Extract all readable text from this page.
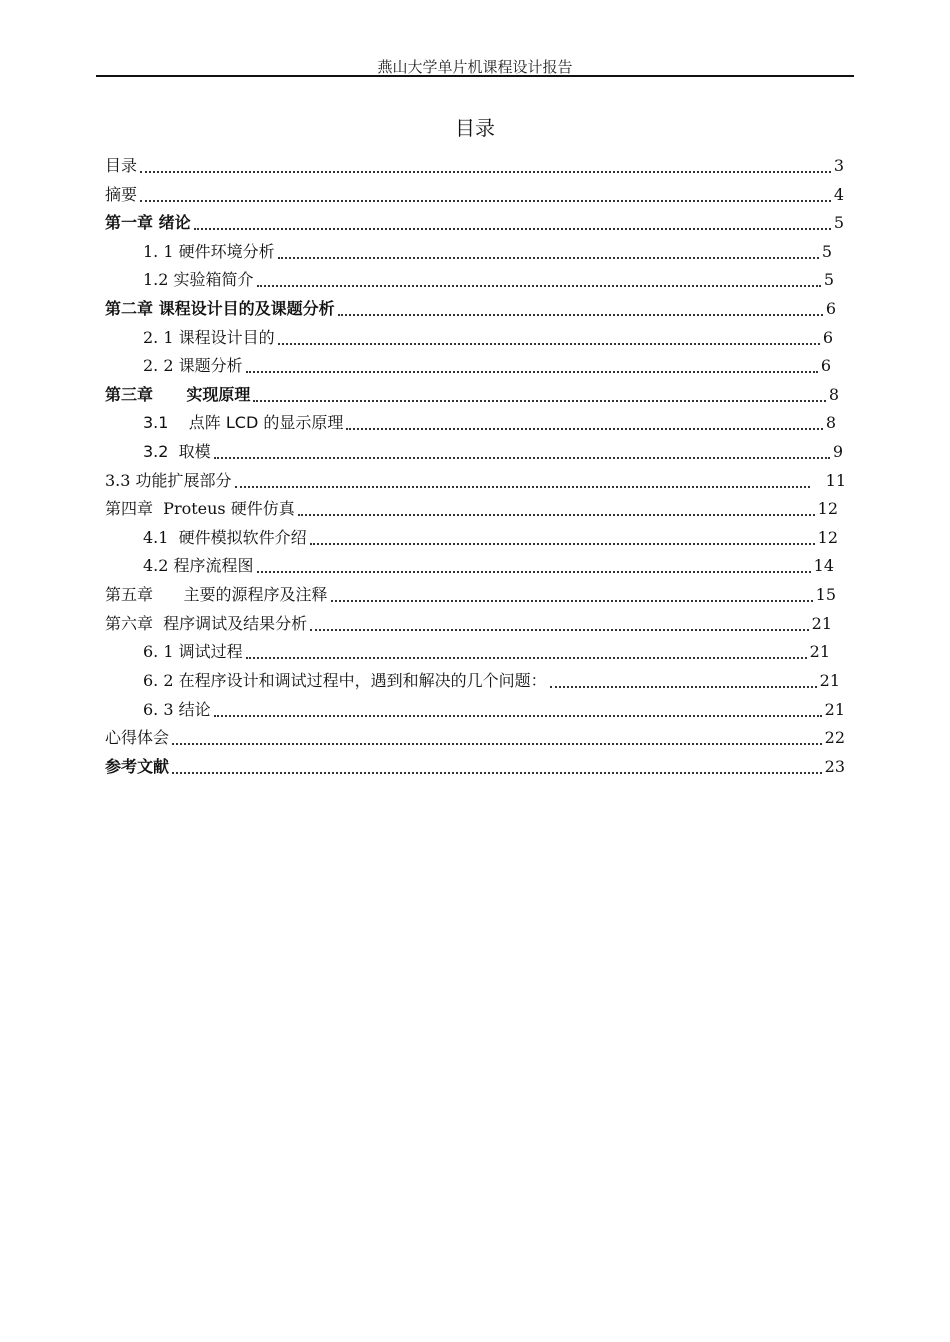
燕山大学单片机课程设计报告
目录
目录	3
摘要	4
第一章 绪论	5
1. 1 硬件环境分析	5
1.2 实验箱简介	5
第二章 课程设计目的及课题分析	6
2. 1 课程设计目的	6
2. 2 课题分析	6
第三章      实现原理	8
3.1    点阵 LCD 的显示原理	8
3.2  取模	9
3.3 功能扩展部分	11
第四章  Proteus 硬件仿真	12
4.1  硬件模拟软件介绍	12
4.2 程序流程图	14
第五章      主要的源程序及注释	15
第六章  程序调试及结果分析	21
6. 1 调试过程	21
6. 2 在程序设计和调试过程中，遇到和解决的几个问题：	21
6. 3 结论	21
心得体会	22
参考文献	23
